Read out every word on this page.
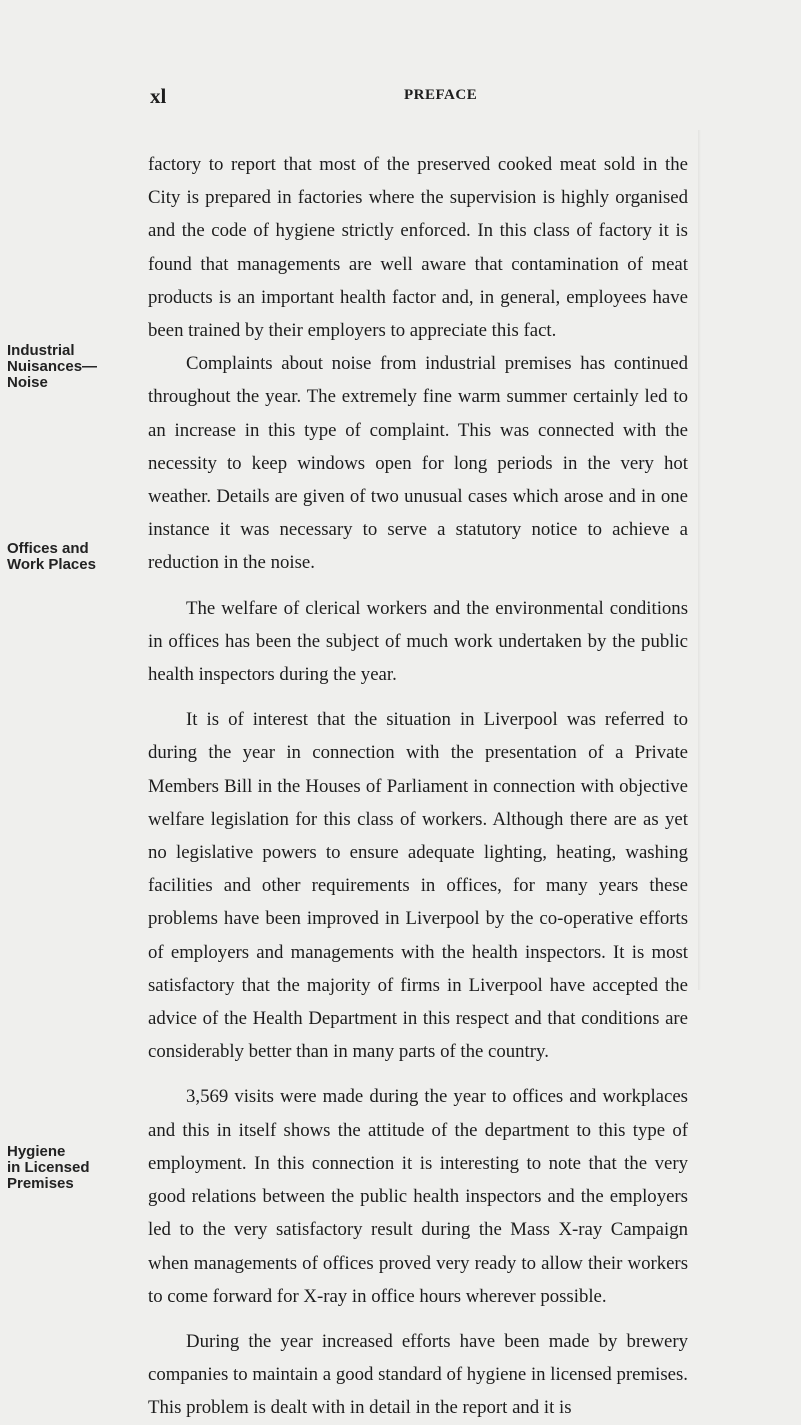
xl	PREFACE
Industrial
Nuisances—
Noise
Offices and
Work Places
Hygiene
in Licensed
Premises

factory to report that most of the preserved cooked meat sold in the City is prepared in factories where the supervision is highly organised and the code of hygiene strictly enforced. In this class of factory it is found that managements are well aware that contamination of meat products is an important health factor and, in general, employees have been trained by their employers to appreciate this fact.

Complaints about noise from industrial premises has continued throughout the year. The extremely fine warm summer certainly led to an increase in this type of complaint. This was connected with the necessity to keep windows open for long periods in the very hot weather. Details are given of two unusual cases which arose and in one instance it was necessary to serve a statutory notice to achieve a reduction in the noise.

The welfare of clerical workers and the environmental conditions in offices has been the subject of much work undertaken by the public health inspectors during the year.

It is of interest that the situation in Liverpool was referred to during the year in connection with the presentation of a Private Members Bill in the Houses of Parliament in connection with objective welfare legislation for this class of workers. Although there are as yet no legislative powers to ensure adequate lighting, heating, washing facilities and other requirements in offices, for many years these problems have been improved in Liverpool by the co-operative efforts of employers and managements with the health inspectors. It is most satisfactory that the majority of firms in Liverpool have accepted the advice of the Health Department in this respect and that conditions are considerably better than in many parts of the country.

3,569 visits were made during the year to offices and workplaces and this in itself shows the attitude of the department to this type of employment. In this connection it is interesting to note that the very good relations between the public health inspectors and the employers led to the very satisfactory result during the Mass X-ray Campaign when managements of offices proved very ready to allow their workers to come forward for X-ray in office hours wherever possible.

During the year increased efforts have been made by brewery companies to maintain a good standard of hygiene in licensed premises. This problem is dealt with in detail in the report and it is
